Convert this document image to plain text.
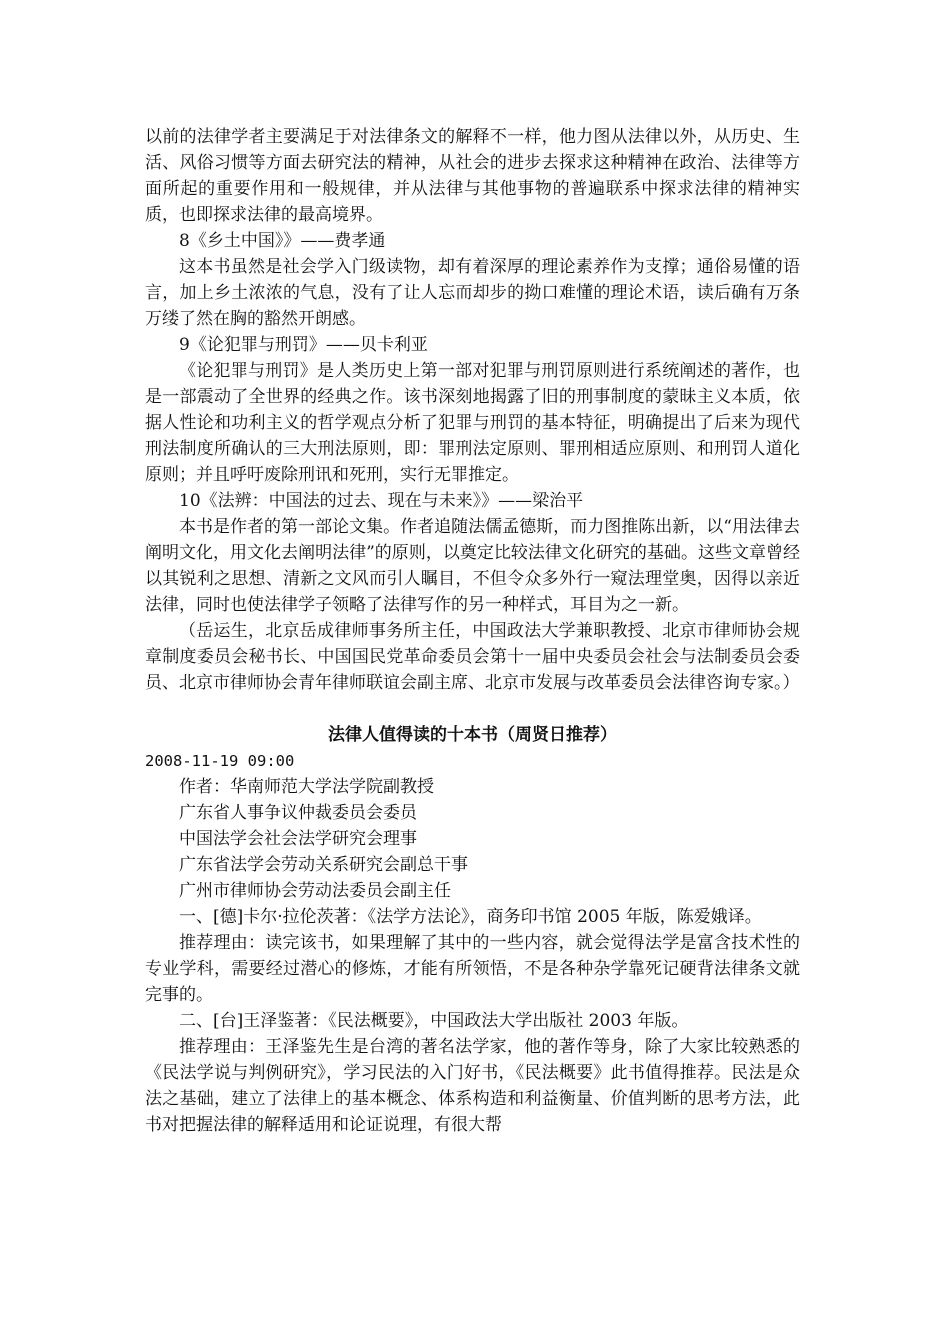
以前的法律学者主要满足于对法律条文的解释不一样，他力图从法律以外，从历史、生活、风俗习惯等方面去研究法的精神，从社会的进步去探求这种精神在政治、法律等方面所起的重要作用和一般规律，并从法律与其他事物的普遍联系中探求法律的精神实质，也即探求法律的最高境界。

8《乡土中国》》——费孝通

这本书虽然是社会学入门级读物，却有着深厚的理论素养作为支撑；通俗易懂的语言，加上乡土浓浓的气息，没有了让人忘而却步的拗口难懂的理论术语，读后确有万条万缕了然在胸的豁然开朗感。

9《论犯罪与刑罚》——贝卡利亚

《论犯罪与刑罚》是人类历史上第一部对犯罪与刑罚原则进行系统阐述的著作，也是一部震动了全世界的经典之作。该书深刻地揭露了旧的刑事制度的蒙昧主义本质，依据人性论和功利主义的哲学观点分析了犯罪与刑罚的基本特征，明确提出了后来为现代刑法制度所确认的三大刑法原则，即：罪刑法定原则、罪刑相适应原则、和刑罚人道化原则；并且呼吁废除刑讯和死刑，实行无罪推定。

10《法辨：中国法的过去、现在与未来》》——梁治平

本书是作者的第一部论文集。作者追随法儒孟德斯，而力图推陈出新，以“用法律去阐明文化，用文化去阐明法律”的原则，以奠定比较法律文化研究的基础。这些文章曾经以其锐利之思想、清新之文风而引人瞩目，不但令众多外行一窥法理堂奥，因得以亲近法律，同时也使法律学子领略了法律写作的另一种样式，耳目为之一新。

（岳运生，北京岳成律师事务所主任，中国政法大学兼职教授、北京市律师协会规章制度委员会秘书长、中国国民党革命委员会第十一届中央委员会社会与法制委员会委员、北京市律师协会青年律师联谊会副主席、北京市发展与改革委员会法律咨询专家。）

法律人值得读的十本书（周贤日推荐）

2008-11-19 09:00

作者：华南师范大学法学院副教授

广东省人事争议仲裁委员会委员

中国法学会社会法学研究会理事

广东省法学会劳动关系研究会副总干事

广州市律师协会劳动法委员会副主任

一、[德]卡尔·拉伦茨著：《法学方法论》，商务印书馆 2005 年版，陈爱娥译。

推荐理由：读完该书，如果理解了其中的一些内容，就会觉得法学是富含技术性的专业学科，需要经过潜心的修炼，才能有所领悟，不是各种杂学靠死记硬背法律条文就完事的。

二、[台]王泽鉴著：《民法概要》，中国政法大学出版社 2003 年版。

推荐理由：王泽鉴先生是台湾的著名法学家，他的著作等身，除了大家比较熟悉的《民法学说与判例研究》，学习民法的入门好书，《民法概要》此书值得推荐。民法是众法之基础，建立了法律上的基本概念、体系构造和利益衡量、价值判断的思考方法，此书对把握法律的解释适用和论证说理，有很大帮
